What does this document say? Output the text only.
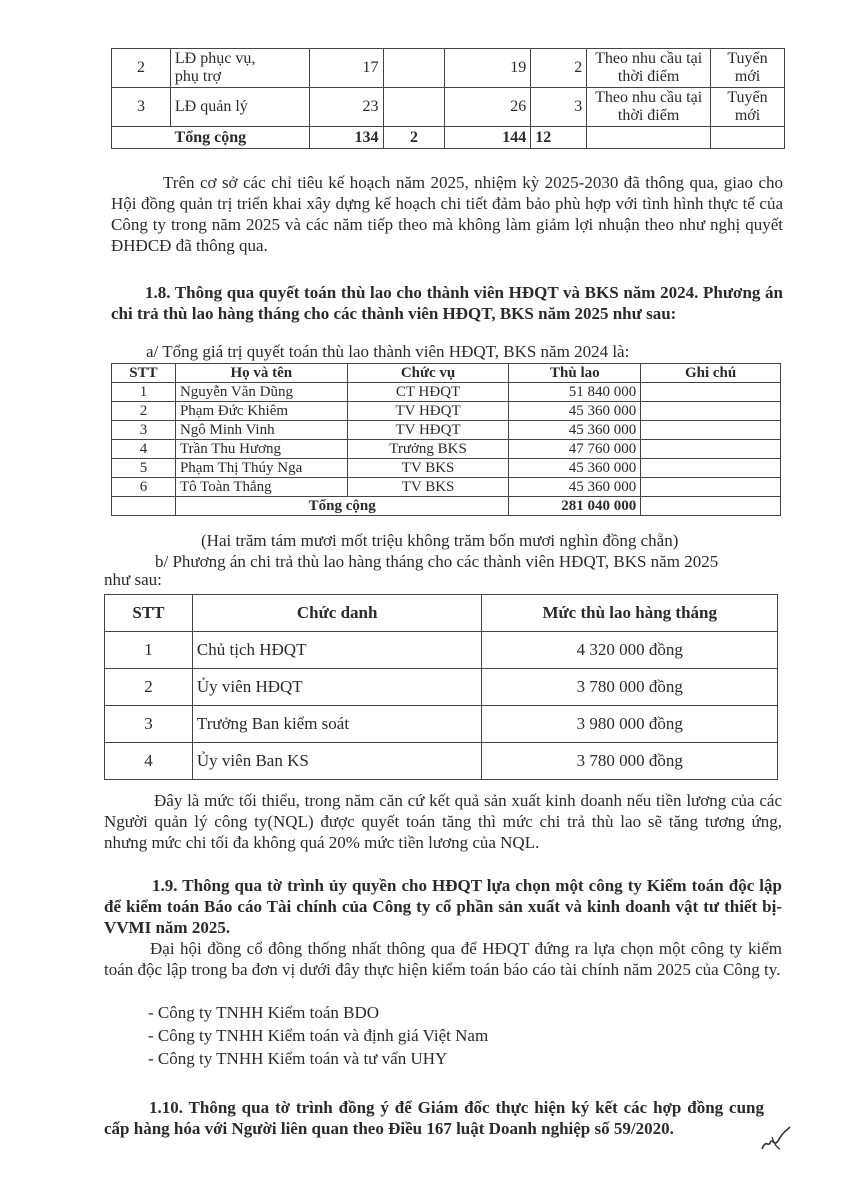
2	LĐ phục vụ,
phụ trợ	17		19	2	Theo nhu cầu tại
thời điểm	Tuyển mới
3	LĐ quản lý	23		26	3	Theo nhu cầu tại
thời điểm	Tuyển mới
Tổng cộng		134	2	144	12		

Trên cơ sở các chỉ tiêu kế hoạch năm 2025, nhiệm kỳ 2025-2030 đã thông qua, giao cho Hội đồng quản trị triển khai xây dựng kế hoạch chi tiết đảm bảo phù hợp với tình hình thực tế của Công ty trong năm 2025 và các năm tiếp theo mà không làm giảm lợi nhuận theo như nghị quyết ĐHĐCĐ đã thông qua.

1.8. Thông qua quyết toán thù lao cho thành viên HĐQT và BKS năm 2024. Phương án chi trả thù lao hàng tháng cho các thành viên HĐQT, BKS năm 2025 như sau:

a/ Tổng giá trị quyết toán thù lao thành viên HĐQT, BKS năm 2024 là:

STT	Họ và tên	Chức vụ	Thù lao	Ghi chú
1	Nguyễn Văn Dũng	CT HĐQT	51 840 000	
2	Phạm Đức Khiêm	TV HĐQT	45 360 000	
3	Ngô Minh Vinh	TV HĐQT	45 360 000	
4	Trần Thu Hương	Trưởng BKS	47 760 000	
5	Phạm Thị Thúy Nga	TV BKS	45 360 000	
6	Tô Toàn Thắng	TV BKS	45 360 000	
	Tổng cộng		281 040 000	

(Hai trăm tám mươi mốt triệu không trăm bốn mươi nghìn đồng chẵn)

b/ Phương án chi trả thù lao hàng tháng cho các thành viên HĐQT, BKS năm 2025

như sau:

STT	Chức danh	Mức thù lao hàng tháng
1	Chủ tịch HĐQT	4 320 000 đồng
2	Ủy viên HĐQT	3 780 000 đồng
3	Trưởng Ban kiểm soát	3 980 000 đồng
4	Ủy viên Ban KS	3 780 000 đồng

Đây là mức tối thiểu, trong năm căn cứ kết quả sản xuất kinh doanh nếu tiền lương của các Người quản lý công ty(NQL) được quyết toán tăng thì mức chi trả thù lao sẽ tăng tương ứng, nhưng mức chi tối đa không quá 20% mức tiền lương của NQL.

1.9. Thông qua tờ trình ủy quyền cho HĐQT lựa chọn một công ty Kiểm toán độc lập để kiểm toán Báo cáo Tài chính của Công ty cổ phần sản xuất và kinh doanh vật tư thiết bị- VVMI năm 2025.

Đại hội đồng cổ đông thống nhất thông qua để HĐQT đứng ra lựa chọn một công ty kiểm toán độc lập trong ba đơn vị dưới đây thực hiện kiểm toán báo cáo tài chính năm 2025 của Công ty.

- Công ty TNHH Kiểm toán BDO

- Công ty TNHH Kiểm toán và định giá Việt Nam

- Công ty TNHH Kiểm toán và tư vấn UHY

1.10. Thông qua tờ trình đồng ý để Giám đốc thực hiện ký kết các hợp đồng cung cấp hàng hóa với Người liên quan theo Điều 167 luật Doanh nghiệp số 59/2020.
